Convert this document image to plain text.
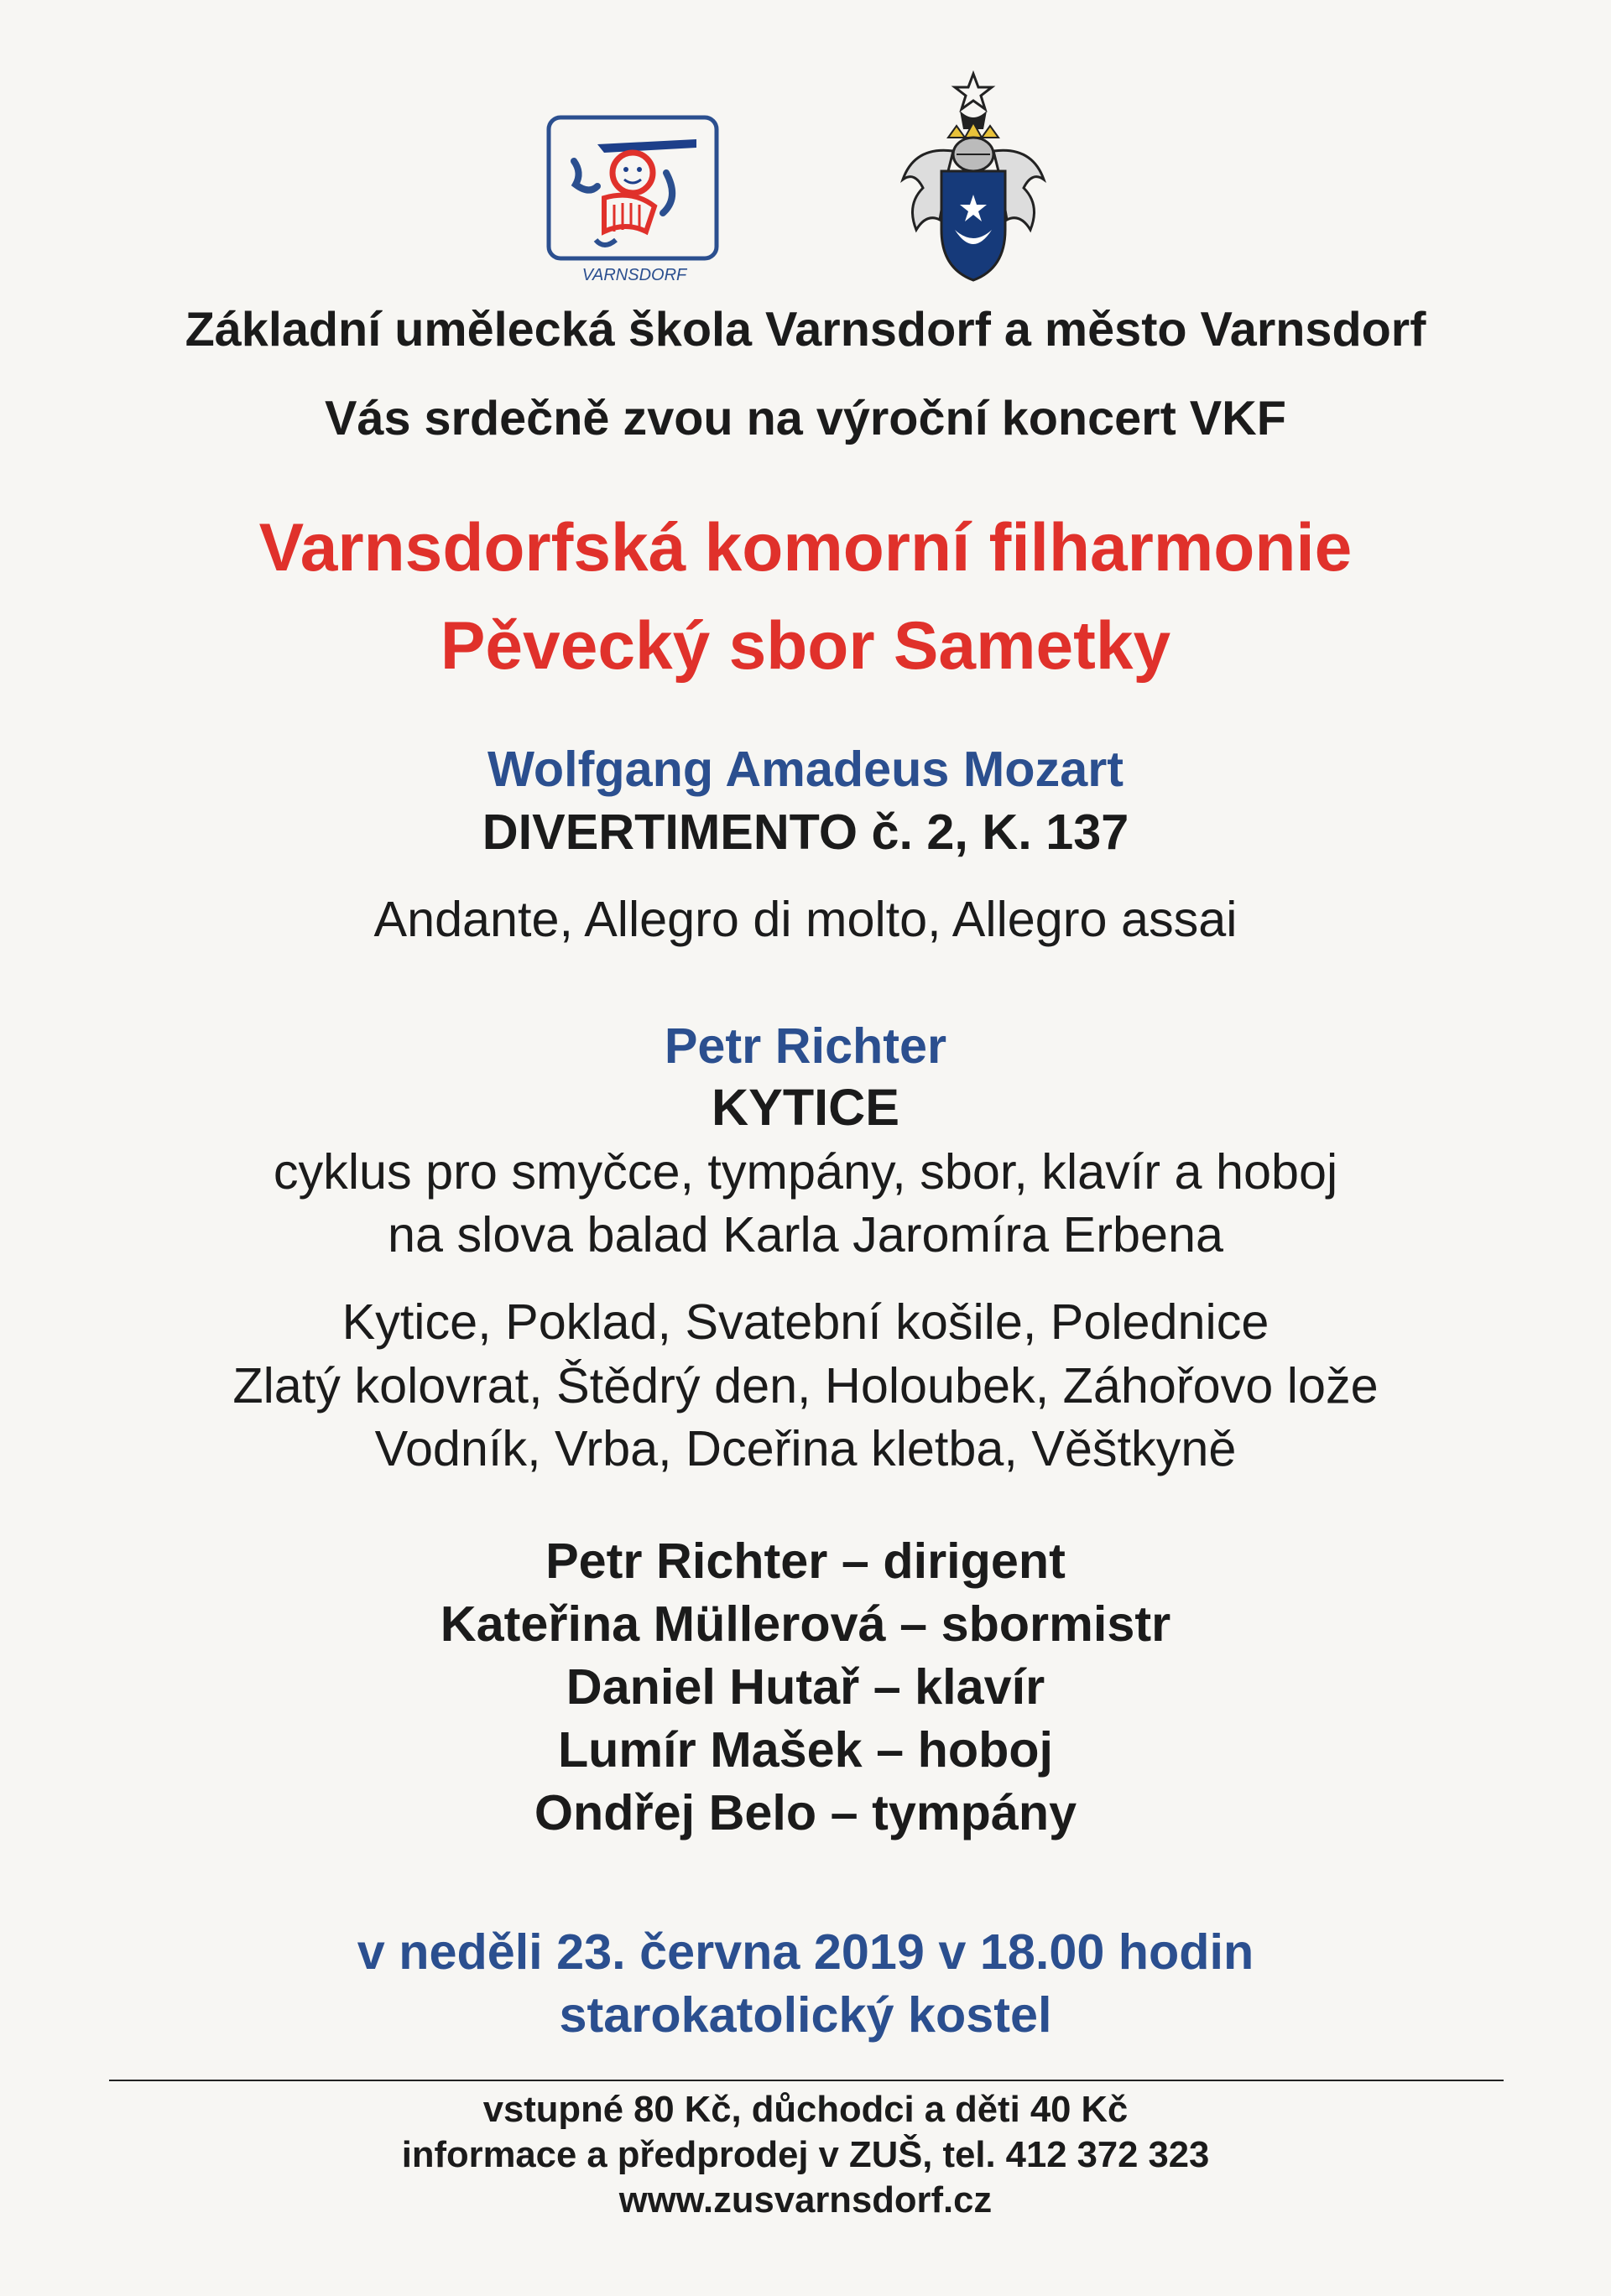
VARNSDORF
Základní umělecká škola Varnsdorf a město Varnsdorf
Vás srdečně zvou na výroční koncert VKF
Varnsdorfská komorní filharmonie
Pěvecký sbor Sametky
Wolfgang Amadeus Mozart
DIVERTIMENTO č. 2, K. 137
Andante, Allegro di molto, Allegro assai
Petr Richter
KYTICE
cyklus pro smyčce, tympány, sbor, klavír a hoboj
na slova balad Karla Jaromíra Erbena
Kytice, Poklad, Svatební košile, Polednice
Zlatý kolovrat, Štědrý den, Holoubek, Záhořovo lože
Vodník, Vrba, Dceřina kletba, Věštkyně
Petr Richter – dirigent
Kateřina Müllerová – sbormistr
Daniel Hutař – klavír
Lumír Mašek – hoboj
Ondřej Belo – tympány
v neděli 23. června 2019 v 18.00 hodin
starokatolický kostel
vstupné 80 Kč, důchodci a děti 40 Kč
informace a předprodej v ZUŠ, tel. 412 372 323
www.zusvarnsdorf.cz
